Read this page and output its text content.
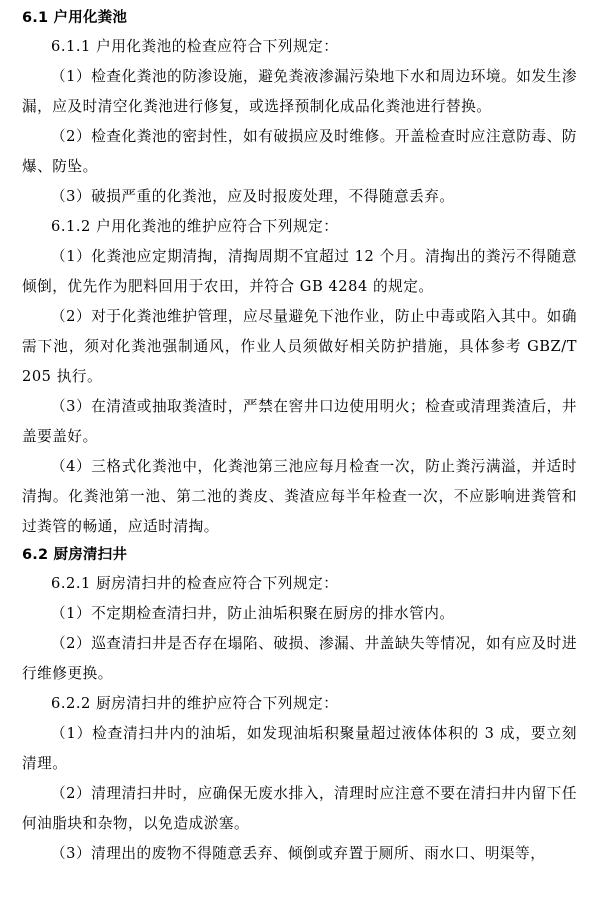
6.1 户用化粪池

6.1.1 户用化粪池的检查应符合下列规定：

（1）检查化粪池的防渗设施，避免粪液渗漏污染地下水和周边环境。如发生渗漏，应及时清空化粪池进行修复，或选择预制化成品化粪池进行替换。

（2）检查化粪池的密封性，如有破损应及时维修。开盖检查时应注意防毒、防爆、防坠。

（3）破损严重的化粪池，应及时报废处理，不得随意丢弃。

6.1.2 户用化粪池的维护应符合下列规定：

（1）化粪池应定期清掏，清掏周期不宜超过 12 个月。清掏出的粪污不得随意倾倒，优先作为肥料回用于农田，并符合 GB 4284 的规定。

（2）对于化粪池维护管理，应尽量避免下池作业，防止中毒或陷入其中。如确需下池，须对化粪池强制通风，作业人员须做好相关防护措施，具体参考 GBZ/T 205 执行。

（3）在清渣或抽取粪渣时，严禁在窖井口边使用明火；检查或清理粪渣后，井盖要盖好。

（4）三格式化粪池中，化粪池第三池应每月检查一次，防止粪污满溢，并适时清掏。化粪池第一池、第二池的粪皮、粪渣应每半年检查一次，不应影响进粪管和过粪管的畅通，应适时清掏。

6.2 厨房清扫井

6.2.1 厨房清扫井的检查应符合下列规定：

（1）不定期检查清扫井，防止油垢积聚在厨房的排水管内。

（2）巡查清扫井是否存在塌陷、破损、渗漏、井盖缺失等情况，如有应及时进行维修更换。

6.2.2 厨房清扫井的维护应符合下列规定：

（1）检查清扫井内的油垢，如发现油垢积聚量超过液体体积的 3 成，要立刻清理。

（2）清理清扫井时，应确保无废水排入，清理时应注意不要在清扫井内留下任何油脂块和杂物，以免造成淤塞。

（3）清理出的废物不得随意丢弃、倾倒或弃置于厕所、雨水口、明渠等，
